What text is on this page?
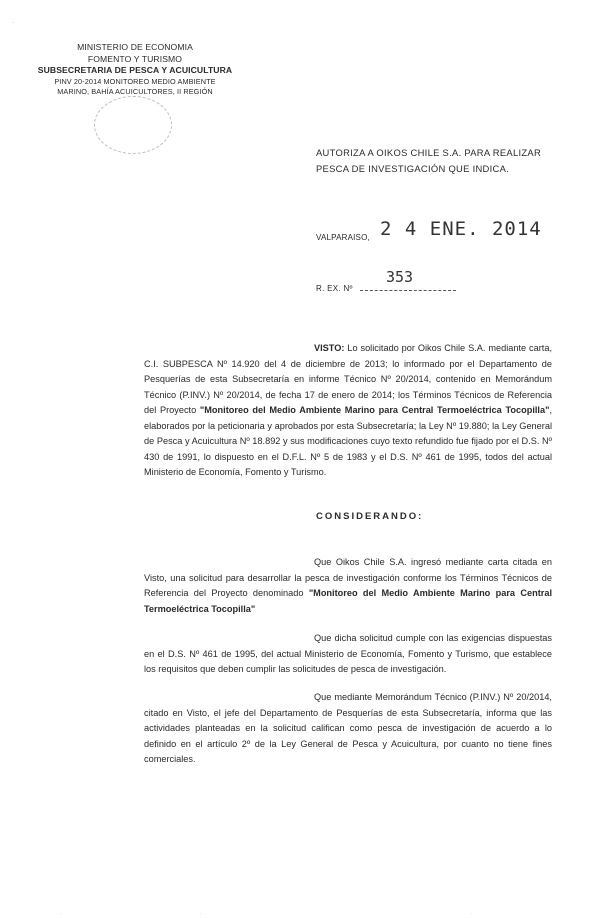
·
MINISTERIO DE ECONOMIA
FOMENTO Y TURISMO
SUBSECRETARIA DE PESCA Y ACUICULTURA
PINV 20-2014 MONITOREO MEDIO AMBIENTE
MARINO, BAHÍA ACUICULTORES, II REGIÓN
AUTORIZA A OIKOS CHILE S.A. PARA REALIZAR PESCA DE INVESTIGACIÓN QUE INDICA.
2 4 ENE. 2014
VALPARAISO,
353
R. EX. Nº
VISTO: Lo solicitado por Oikos Chile S.A. mediante carta, C.I. SUBPESCA Nº 14.920 del 4 de diciembre de 2013; lo informado por el Departamento de Pesquerías de esta Subsecretaría en informe Técnico Nº 20/2014, contenido en Memorándum Técnico (P.INV.) Nº 20/2014, de fecha 17 de enero de 2014; los Términos Técnicos de Referencia del Proyecto "Monitoreo del Medio Ambiente Marino para Central Termoeléctrica Tocopilla", elaborados por la peticionaria y aprobados por esta Subsecretaría; la Ley Nº 19.880; la Ley General de Pesca y Acuicultura Nº 18.892 y sus modificaciones cuyo texto refundido fue fijado por el D.S. Nº 430 de 1991, lo dispuesto en el D.F.L. Nº 5 de 1983 y el D.S. Nº 461 de 1995, todos del actual Ministerio de Economía, Fomento y Turismo.
CONSIDERANDO:
Que Oikos Chile S.A. ingresó mediante carta citada en Visto, una solicitud para desarrollar la pesca de investigación conforme los Términos Técnicos de Referencia del Proyecto denominado "Monitoreo del Medio Ambiente Marino para Central Termoeléctrica Tocopilla"
Que dicha solicitud cumple con las exigencias dispuestas en el D.S. Nº 461 de 1995, del actual Ministerio de Economía, Fomento y Turismo, que establece los requisitos que deben cumplir las solicitudes de pesca de investigación.
Que mediante Memorándum Técnico (P.INV.) Nº 20/2014, citado en Visto, el jefe del Departamento de Pesquerías de esta Subsecretaría, informa que las actividades planteadas en la solicitud califican como pesca de investigación de acuerdo a lo definido en el artículo 2º de la Ley General de Pesca y Acuicultura, por cuanto no tiene fines comerciales.
·	·	·
